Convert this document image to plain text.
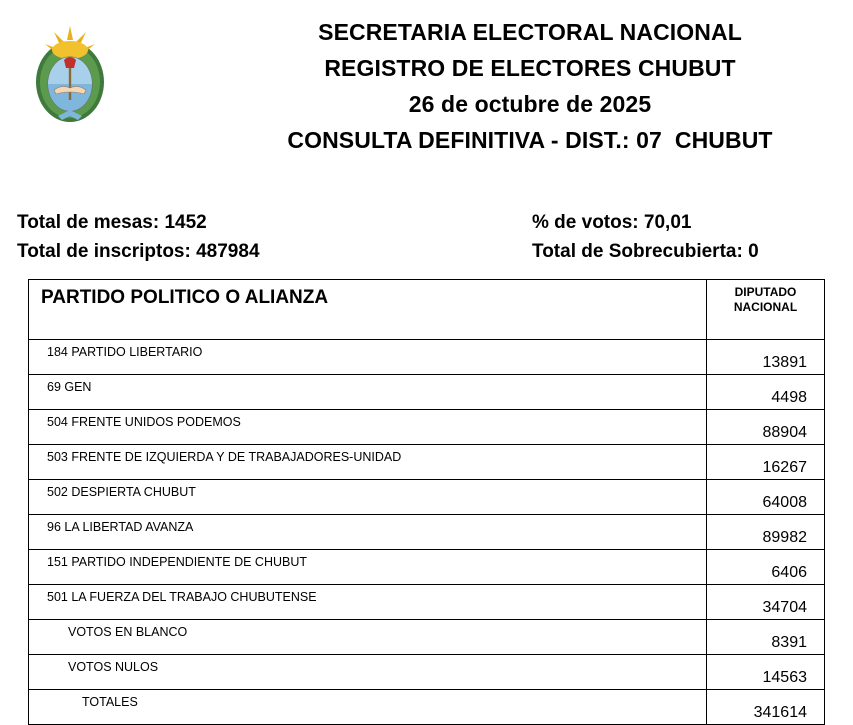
SECRETARIA ELECTORAL NACIONAL
REGISTRO DE ELECTORES CHUBUT
26 de octubre de 2025
CONSULTA DEFINITIVA - DIST.: 07  CHUBUT
Total de mesas: 1452
Total de inscriptos: 487984
% de votos: 70,01
Total de Sobrecubierta: 0
PARTIDO POLITICO O ALIANZA	DIPUTADO
NACIONAL
184 PARTIDO LIBERTARIO	13891
69 GEN	4498
504 FRENTE UNIDOS PODEMOS	88904
503 FRENTE DE IZQUIERDA Y DE TRABAJADORES-UNIDAD	16267
502 DESPIERTA CHUBUT	64008
96 LA LIBERTAD AVANZA	89982
151 PARTIDO INDEPENDIENTE DE CHUBUT	6406
501 LA FUERZA DEL TRABAJO CHUBUTENSE	34704
VOTOS EN BLANCO	8391
VOTOS NULOS	14563
TOTALES	341614
